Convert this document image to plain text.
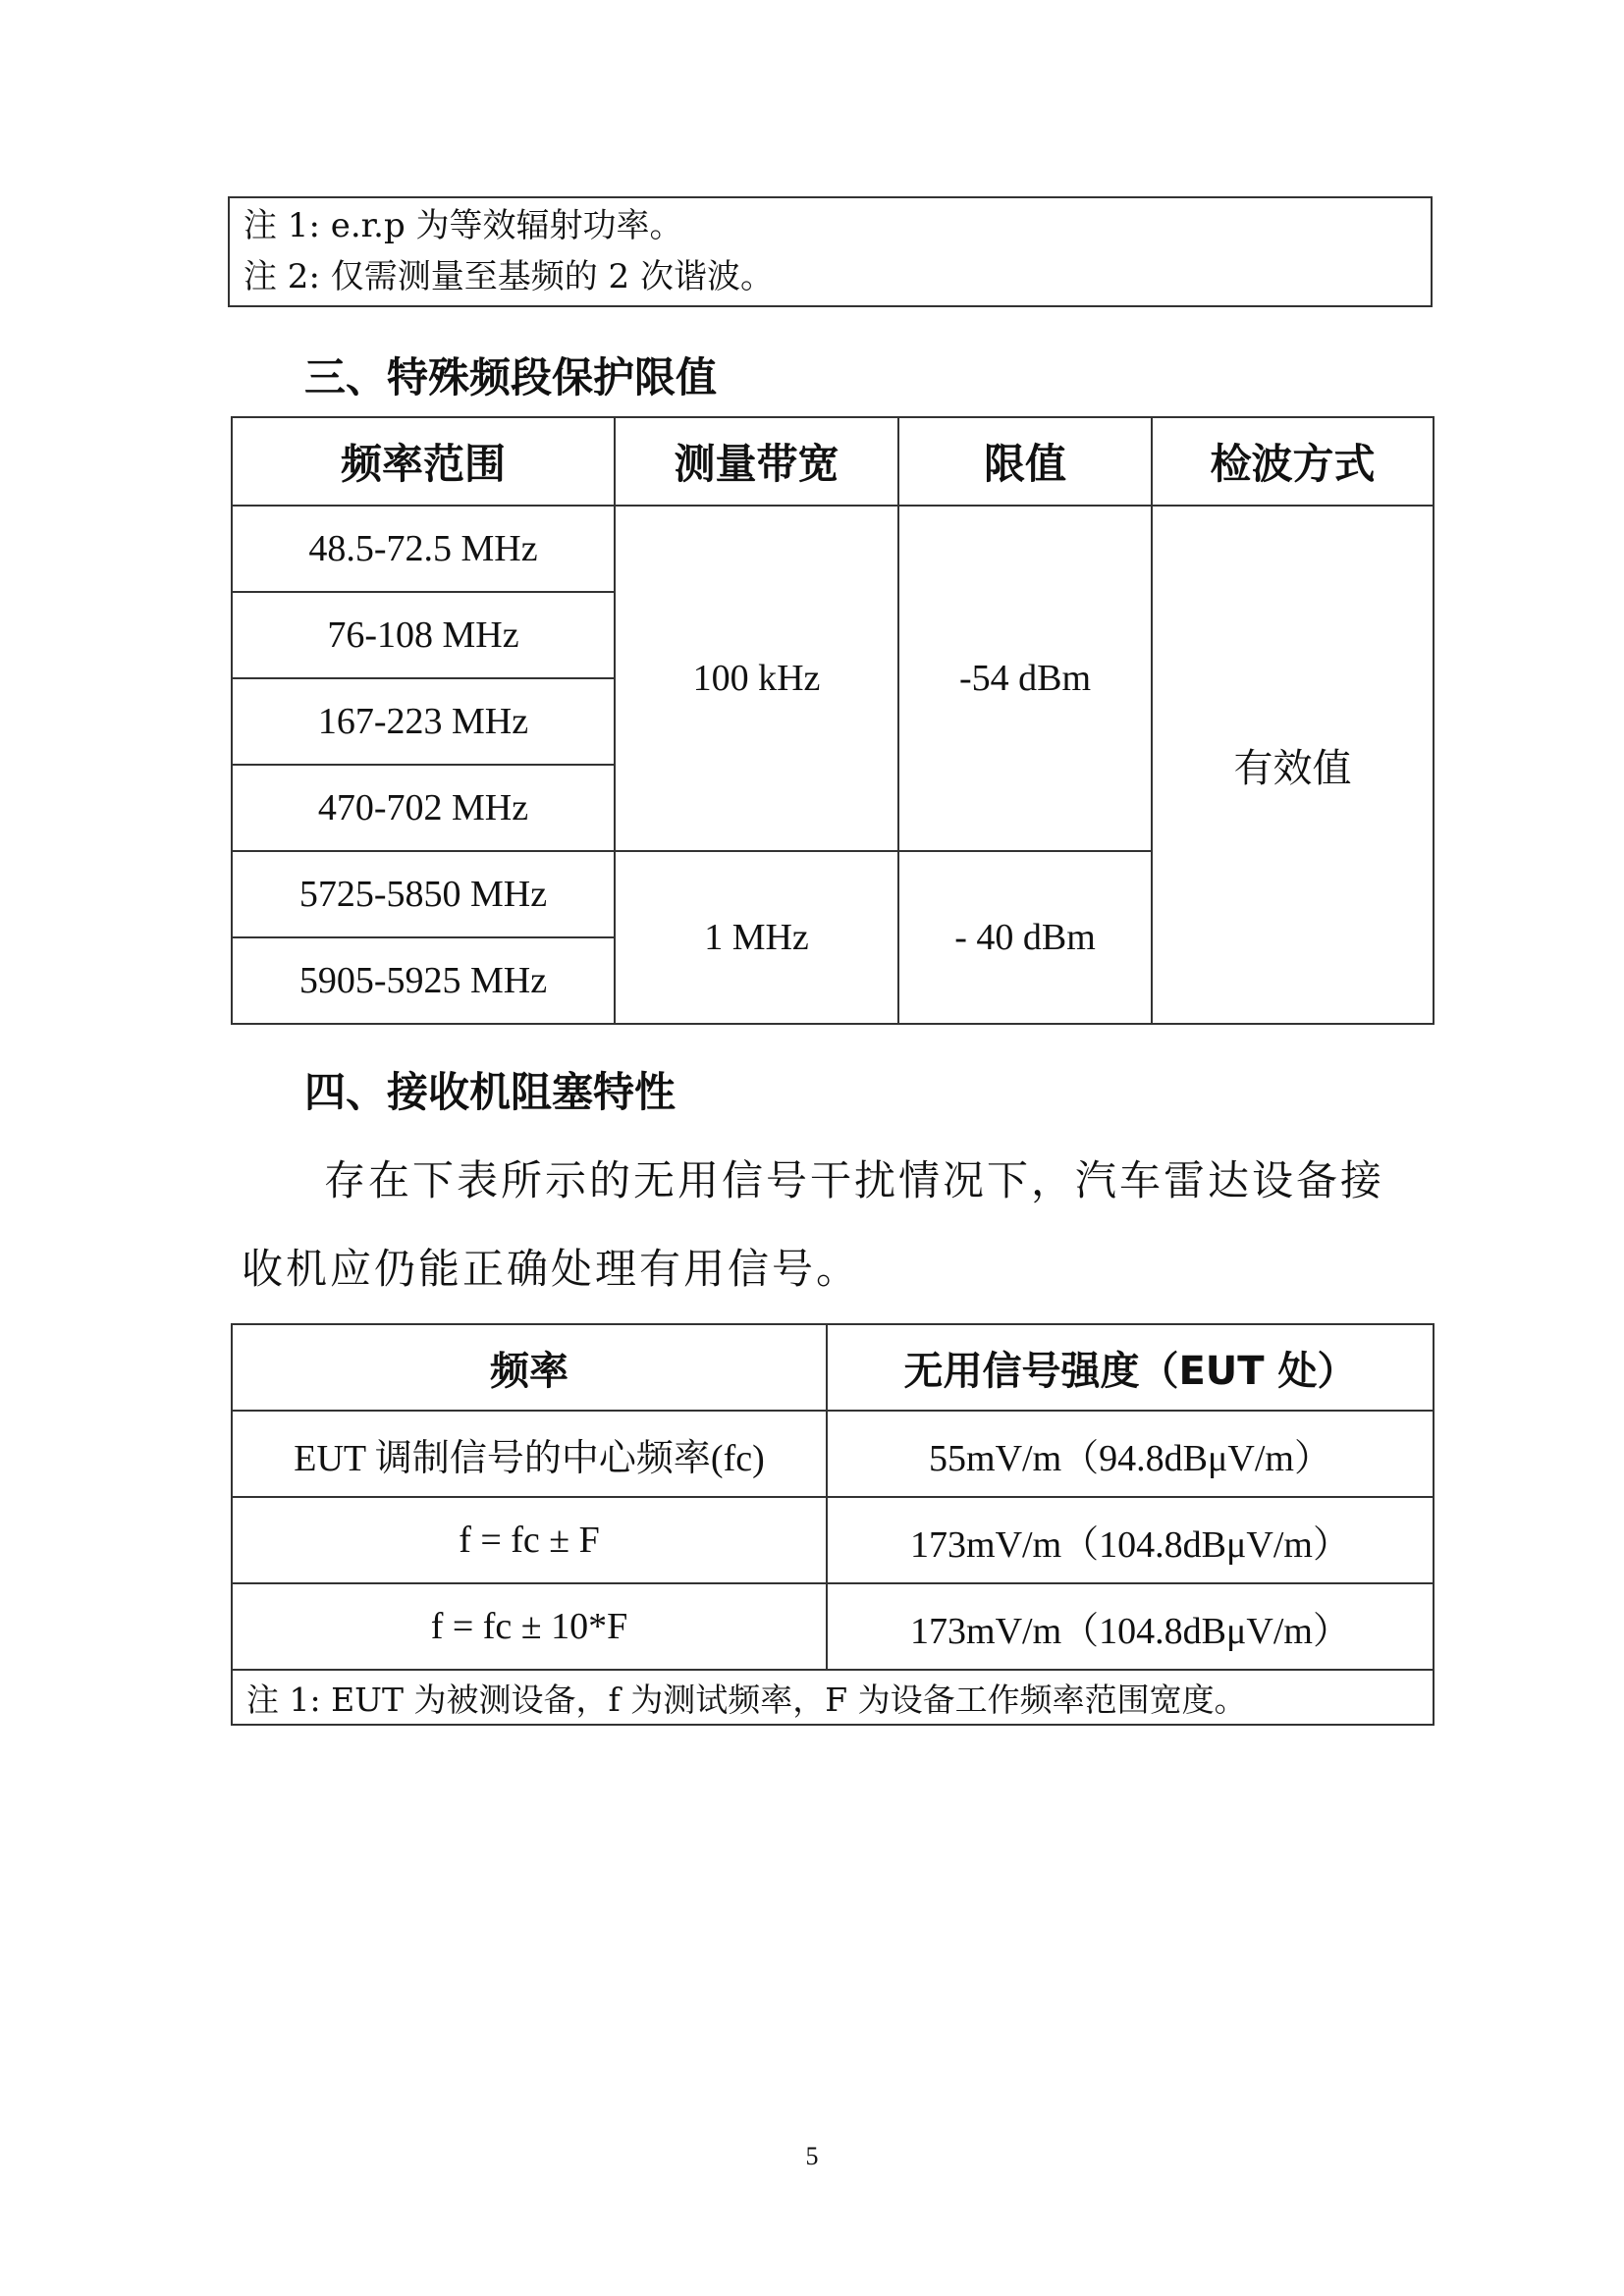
注 1: e.r.p 为等效辐射功率。
注 2: 仅需测量至基频的 2 次谐波。
三、特殊频段保护限值
频率范围	测量带宽	限值	检波方式
48.5-72.5 MHz	100 kHz	-54 dBm	有效值
76-108 MHz			
167-223 MHz			
470-702 MHz			
5725-5850 MHz	1 MHz	- 40 dBm	
5905-5925 MHz			
四、接收机阻塞特性
存在下表所示的无用信号干扰情况下，汽车雷达设备接
收机应仍能正确处理有用信号。
频率	无用信号强度（EUT 处）
EUT 调制信号的中心频率(fc)	55mV/m（94.8dBμV/m）
f = fc ± F	173mV/m（104.8dBμV/m）
f = fc ± 10*F	173mV/m（104.8dBμV/m）
注 1: EUT 为被测设备，f 为测试频率，F 为设备工作频率范围宽度。	
5
